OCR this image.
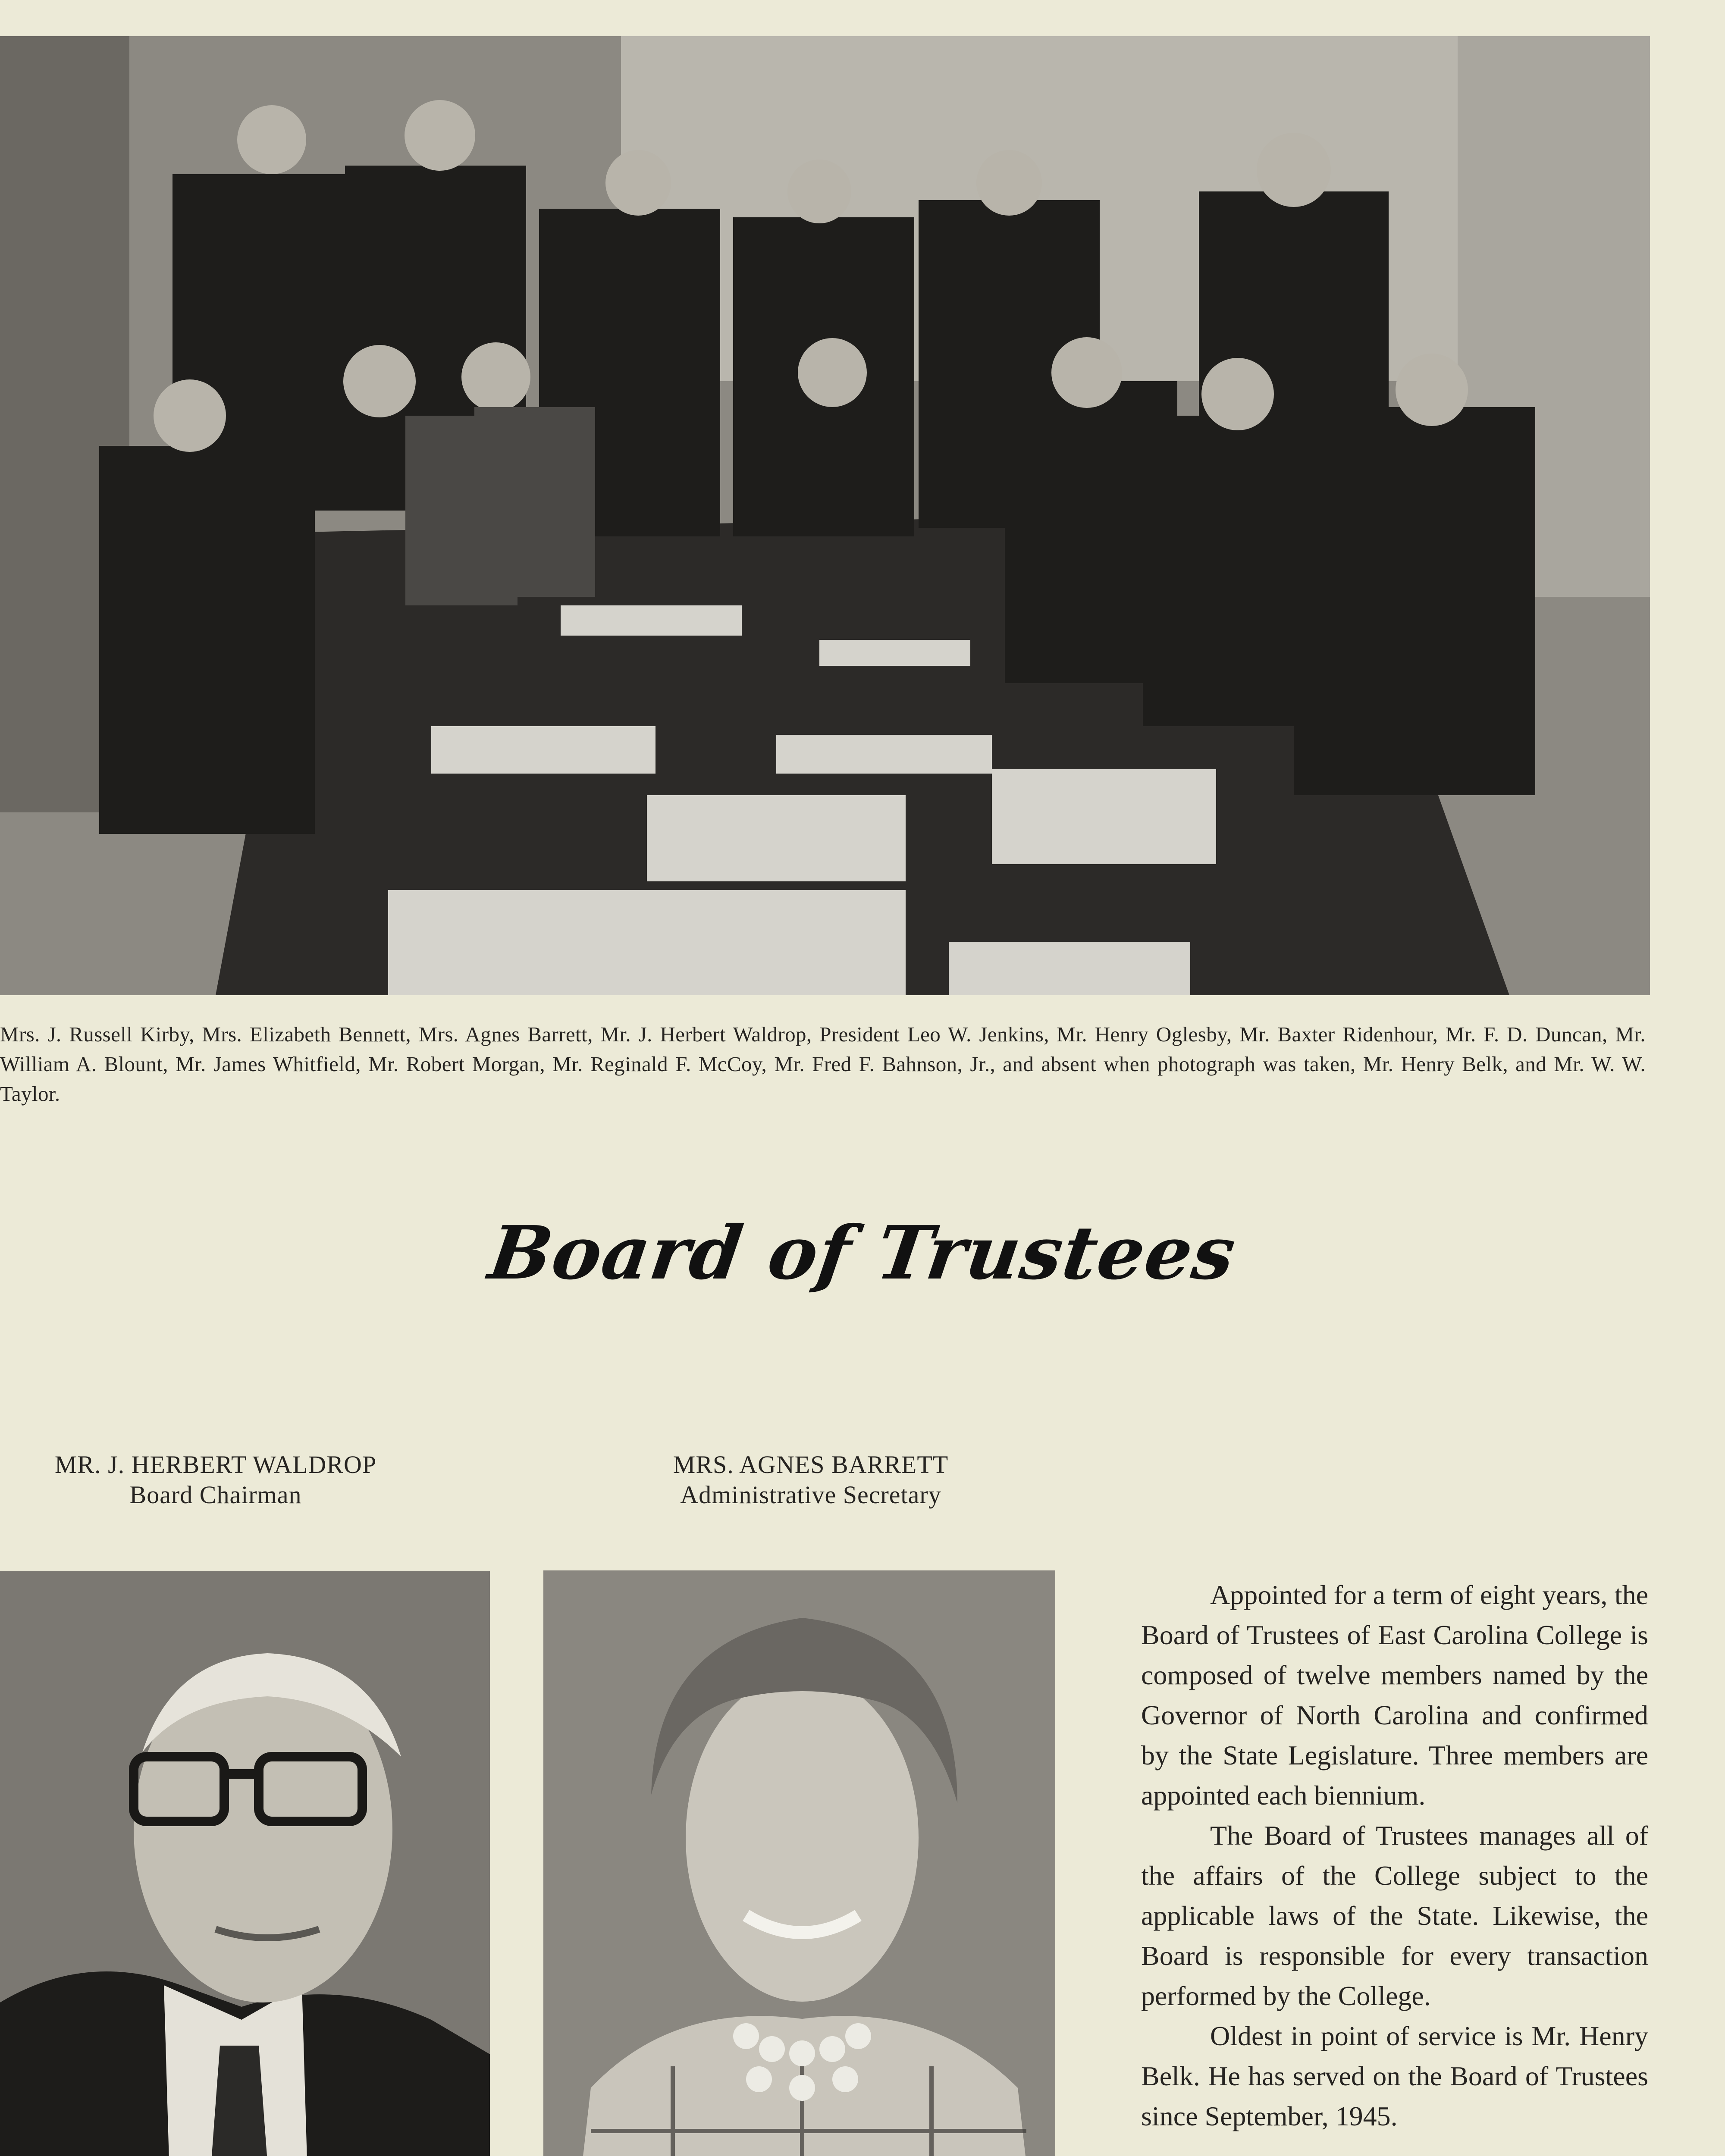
Mrs. J. Russell Kirby, Mrs. Elizabeth Bennett, Mrs. Agnes Barrett, Mr. J. Herbert Waldrop, President Leo W. Jenkins, Mr. Henry Oglesby, Mr. Baxter Ridenhour, Mr. F. D. Duncan, Mr. William A. Blount, Mr. James Whitfield, Mr. Robert Morgan, Mr. Reginald F. McCoy, Mr. Fred F. Bahnson, Jr., and absent when photograph was taken, Mr. Henry Belk, and Mr. W. W. Taylor.

Board of Trustees
MR. J. HERBERT WALDROP
Board Chairman
MRS. AGNES BARRETT
Administrative Secretary

Appointed for a term of eight years, the Board of Trustees of East Carolina College is composed of twelve members named by the Governor of North Carolina and confirmed by the State Legislature. Three members are appointed each biennium.

The Board of Trustees manages all of the affairs of the College subject to the applicable laws of the State. Likewise, the Board is responsible for every transaction performed by the College.

Oldest in point of service is Mr. Henry Belk. He has served on the Board of Trustees since September, 1945.
